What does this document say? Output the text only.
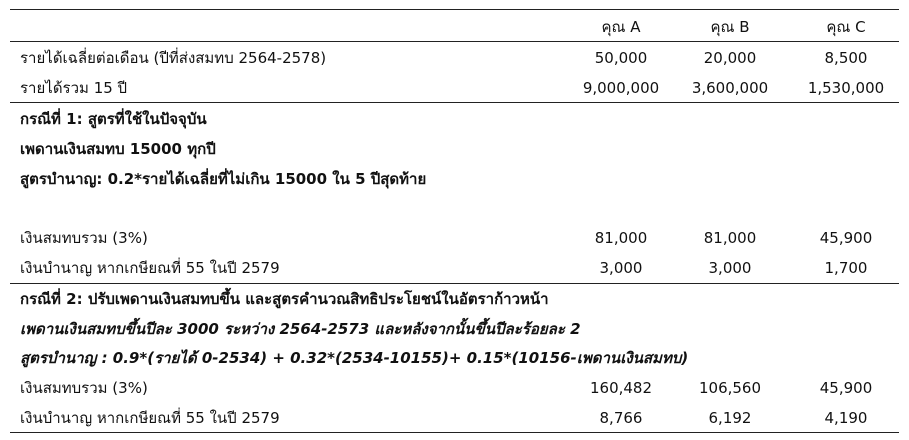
คุณ A	คุณ B	คุณ C
รายได้เฉลี่ยต่อเดือน (ปีที่ส่งสมทบ 2564-2578)	50,000	20,000	8,500
รายได้รวม 15 ปี	9,000,000	3,600,000	1,530,000
กรณีที่ 1: สูตรที่ใช้ในปัจจุบัน
เพดานเงินสมทบ 15000 ทุกปี
สูตรบำนาญ: 0.2*รายได้เฉลี่ยที่ไม่เกิน 15000 ใน 5 ปีสุดท้าย
เงินสมทบรวม (3%)	81,000	81,000	45,900
เงินบำนาญ หากเกษียณที่ 55 ในปี 2579	3,000	3,000	1,700
กรณีที่ 2: ปรับเพดานเงินสมทบขึ้น และสูตรคำนวณสิทธิประโยชน์ในอัตราก้าวหน้า
เพดานเงินสมทบขึ้นปีละ 3000 ระหว่าง 2564-2573 และหลังจากนั้นขึ้นปีละร้อยละ 2
สูตรบำนาญ : 0.9*(รายได้ 0-2534) + 0.32*(2534-10155)+ 0.15*(10156-เพดานเงินสมทบ)
เงินสมทบรวม (3%)	160,482	106,560	45,900
เงินบำนาญ หากเกษียณที่ 55 ในปี 2579	8,766	6,192	4,190
